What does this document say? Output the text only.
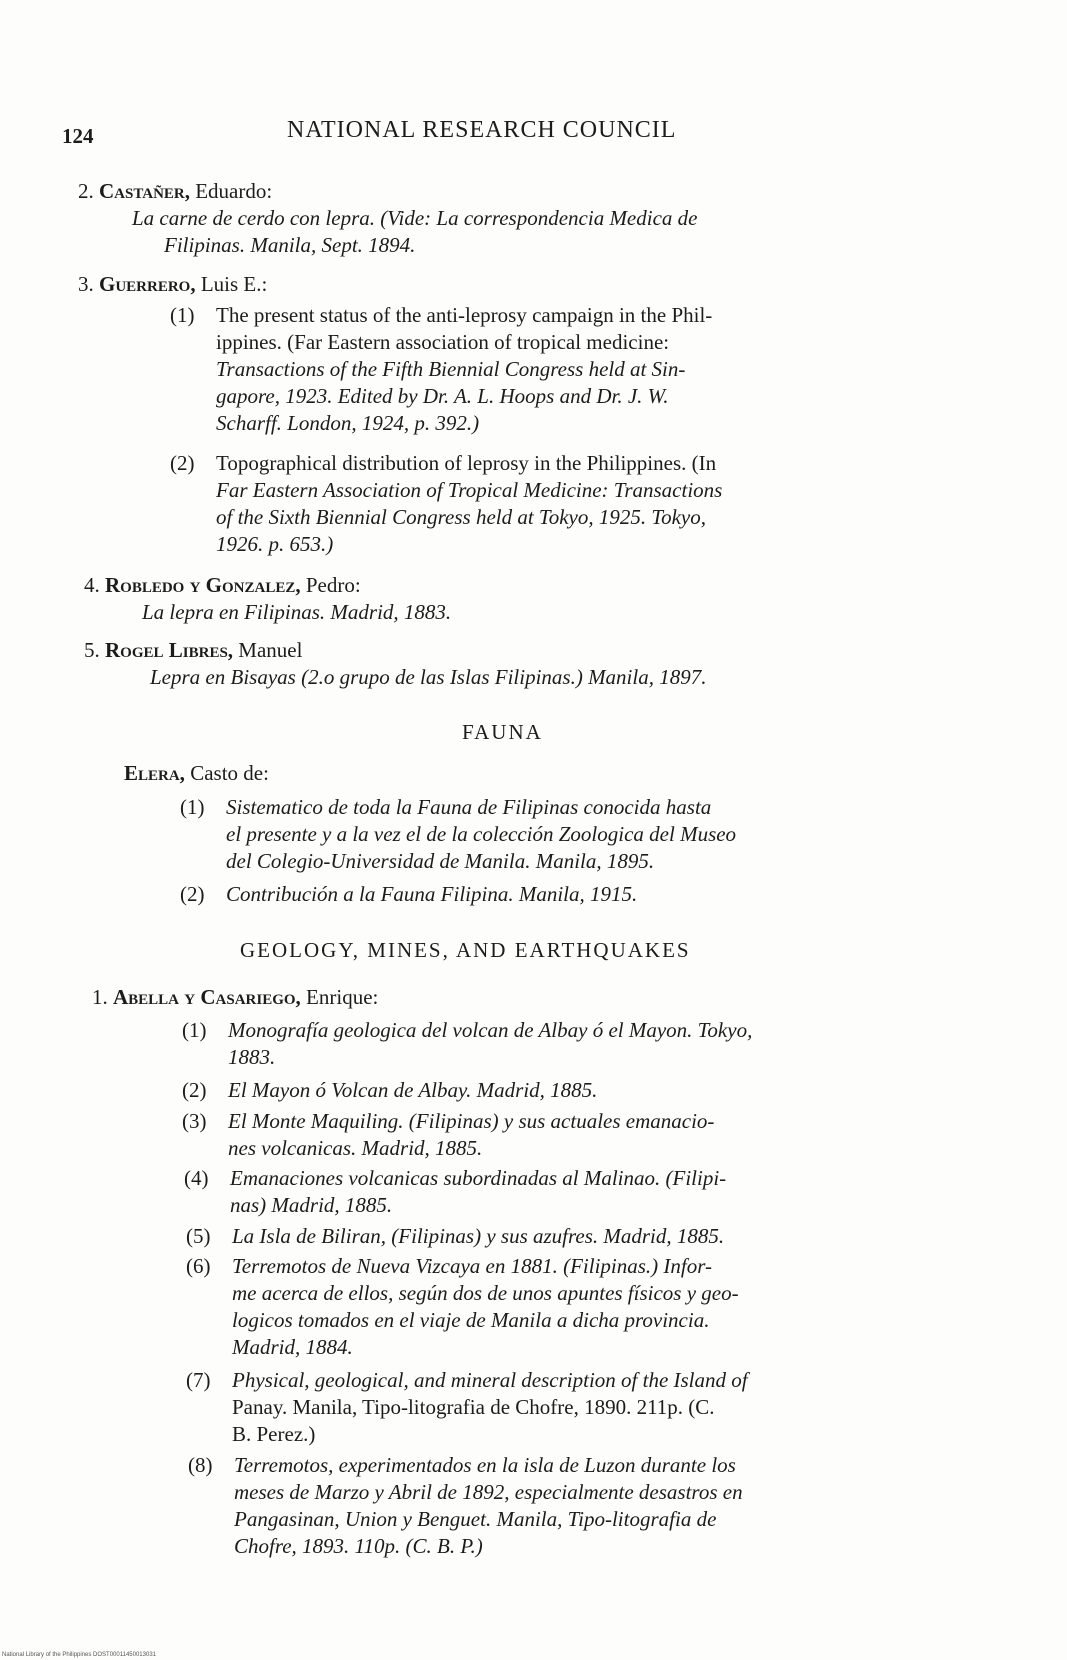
124	NATIONAL RESEARCH COUNCIL
2. Castañer, Eduardo:
La carne de cerdo con lepra. (Vide: La correspondencia Medica de
Filipinas. Manila, Sept. 1894.
3. Guerrero, Luis E.:
(1) The present status of the anti-leprosy campaign in the Phil-
ippines. (Far Eastern association of tropical medicine:
Transactions of the Fifth Biennial Congress held at Sin-
gapore, 1923. Edited by Dr. A. L. Hoops and Dr. J. W.
Scharff. London, 1924, p. 392.)
(2) Topographical distribution of leprosy in the Philippines. (In
Far Eastern Association of Tropical Medicine: Transactions
of the Sixth Biennial Congress held at Tokyo, 1925. Tokyo,
1926. p. 653.)
4. Robledo y Gonzalez, Pedro:
La lepra en Filipinas. Madrid, 1883.
5. Rogel Libres, Manuel
Lepra en Bisayas (2.o grupo de las Islas Filipinas.) Manila, 1897.
FAUNA
Elera, Casto de:
(1) Sistematico de toda la Fauna de Filipinas conocida hasta
el presente y a la vez el de la colección Zoologica del Museo
del Colegio-Universidad de Manila. Manila, 1895.
(2) Contribución a la Fauna Filipina. Manila, 1915.
GEOLOGY, MINES, AND EARTHQUAKES
1. Abella y Casariego, Enrique:
(1) Monografía geologica del volcan de Albay ó el Mayon. Tokyo,
1883.
(2) El Mayon ó Volcan de Albay. Madrid, 1885.
(3) El Monte Maquiling. (Filipinas) y sus actuales emanacio-
nes volcanicas. Madrid, 1885.
(4) Emanaciones volcanicas subordinadas al Malinao. (Filipi-
nas) Madrid, 1885.
(5) La Isla de Biliran, (Filipinas) y sus azufres. Madrid, 1885.
(6) Terremotos de Nueva Vizcaya en 1881. (Filipinas.) Infor-
me acerca de ellos, según dos de unos apuntes físicos y geo-
logicos tomados en el viaje de Manila a dicha provincia.
Madrid, 1884.
(7) Physical, geological, and mineral description of the Island of
Panay. Manila, Tipo-litografia de Chofre, 1890. 211p. (C.
B. Perez.)
(8) Terremotos, experimentados en la isla de Luzon durante los
meses de Marzo y Abril de 1892, especialmente desastros en
Pangasinan, Union y Benguet. Manila, Tipo-litografia de
Chofre, 1893. 110p. (C. B. P.)
National Library of the Philippines DOST00011450013031
